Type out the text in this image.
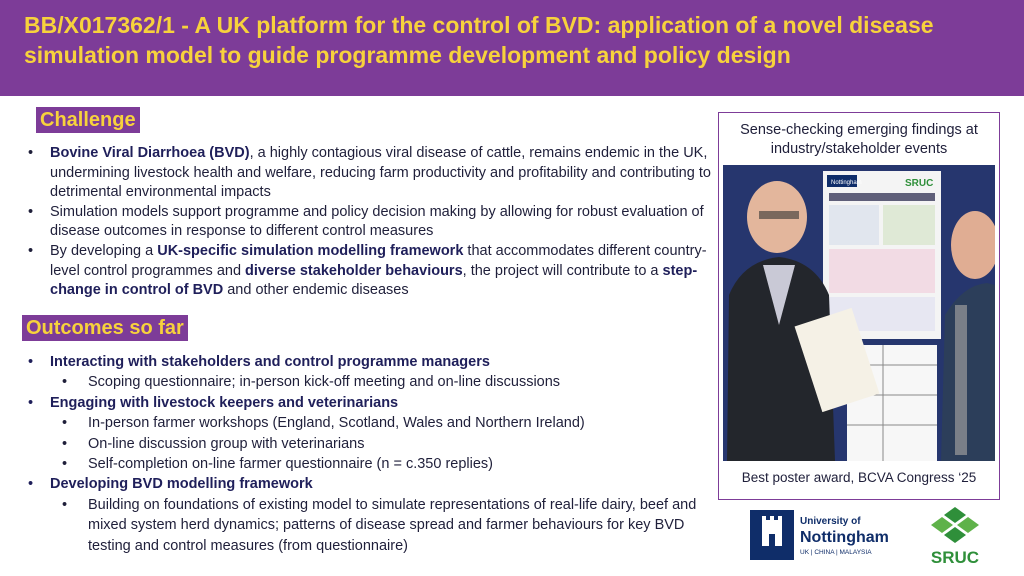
BB/X017362/1 - A UK platform for the control of BVD: application of a novel disease simulation model to guide programme development and policy design
Challenge
• Bovine Viral Diarrhoea (BVD), a highly contagious viral disease of cattle, remains endemic in the UK, undermining livestock health and welfare, reducing farm productivity and profitability and contributing to detrimental environmental impacts
• Simulation models support programme and policy decision making by allowing for robust evaluation of disease outcomes in response to different control measures
• By developing a UK-specific simulation modelling framework that accommodates different country-level control programmes and diverse stakeholder behaviours, the project will contribute to a step-change in control of BVD and other endemic diseases
Outcomes so far
• Interacting with stakeholders and control programme managers
• Scoping questionnaire; in-person kick-off meeting and on-line discussions
• Engaging with livestock keepers and veterinarians
• In-person farmer workshops (England, Scotland, Wales and Northern Ireland)
• On-line discussion group with veterinarians
• Self-completion on-line farmer questionnaire (n = c.350 replies)
• Developing BVD modelling framework
• Building on foundations of existing model to simulate representations of real-life dairy, beef and mixed system herd dynamics; patterns of disease spread and farmer behaviours for key BVD testing and control measures (from questionnaire)
Sense-checking emerging findings at industry/stakeholder events
Nottingham	SRUC
Best poster award, BCVA Congress ‘25
University of
Nottingham
UK | CHINA | MALAYSIA	SRUC
